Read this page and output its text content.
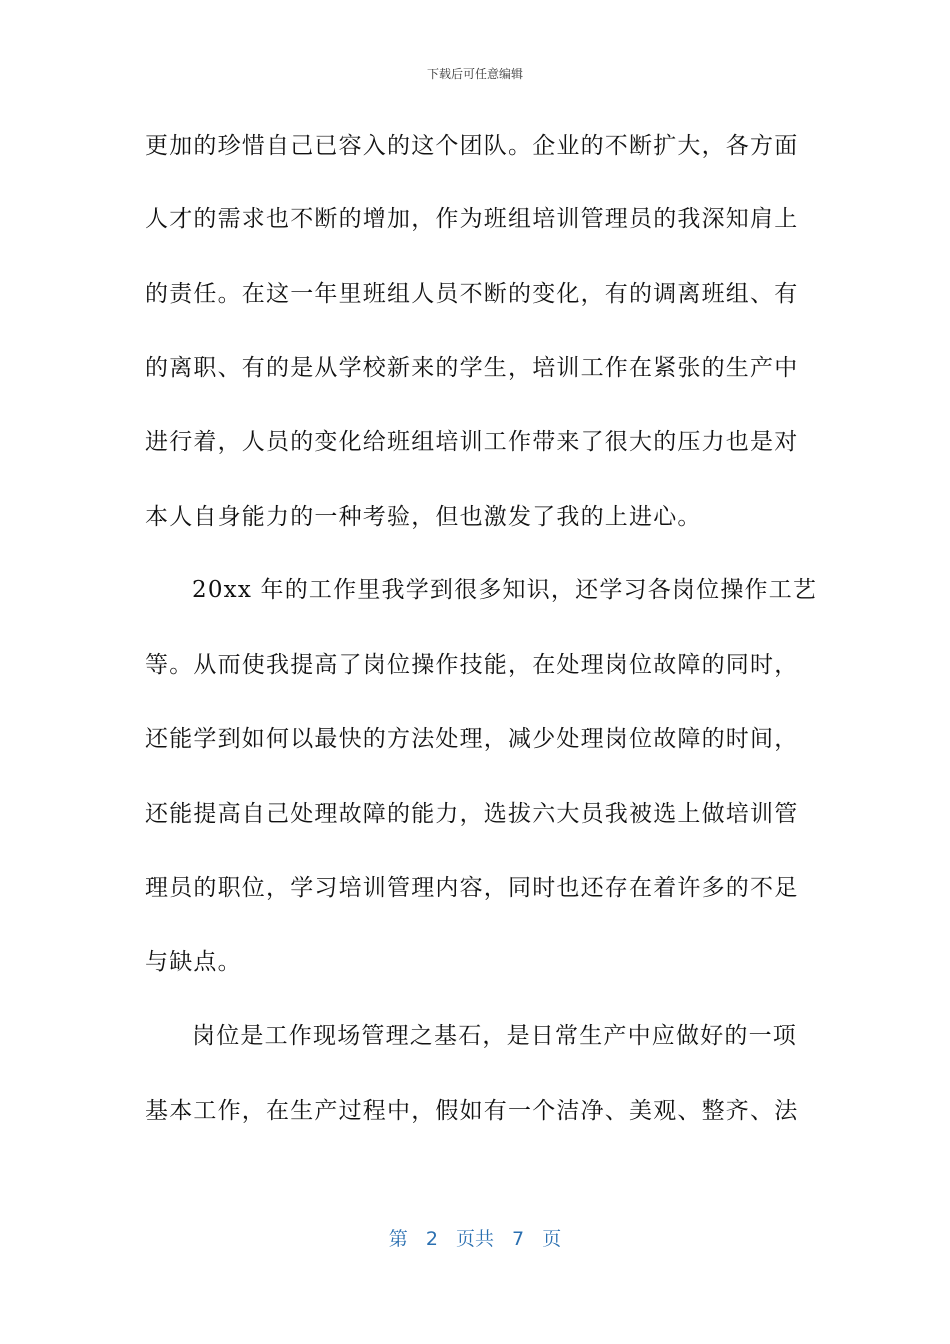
下载后可任意编辑
更加的珍惜自己已容入的这个团队。企业的不断扩大，各方面
人才的需求也不断的增加，作为班组培训管理员的我深知肩上
的责任。在这一年里班组人员不断的变化，有的调离班组、有
的离职、有的是从学校新来的学生，培训工作在紧张的生产中
进行着，人员的变化给班组培训工作带来了很大的压力也是对
本人自身能力的一种考验，但也激发了我的上进心。
20xx 年的工作里我学到很多知识，还学习各岗位操作工艺
等。从而使我提高了岗位操作技能，在处理岗位故障的同时，
还能学到如何以最快的方法处理，减少处理岗位故障的时间，
还能提高自己处理故障的能力，选拔六大员我被选上做培训管
理员的职位，学习培训管理内容，同时也还存在着许多的不足
与缺点。
岗位是工作现场管理之基石，是日常生产中应做好的一项
基本工作，在生产过程中，假如有一个洁净、美观、整齐、法
第 2 页共 7 页
